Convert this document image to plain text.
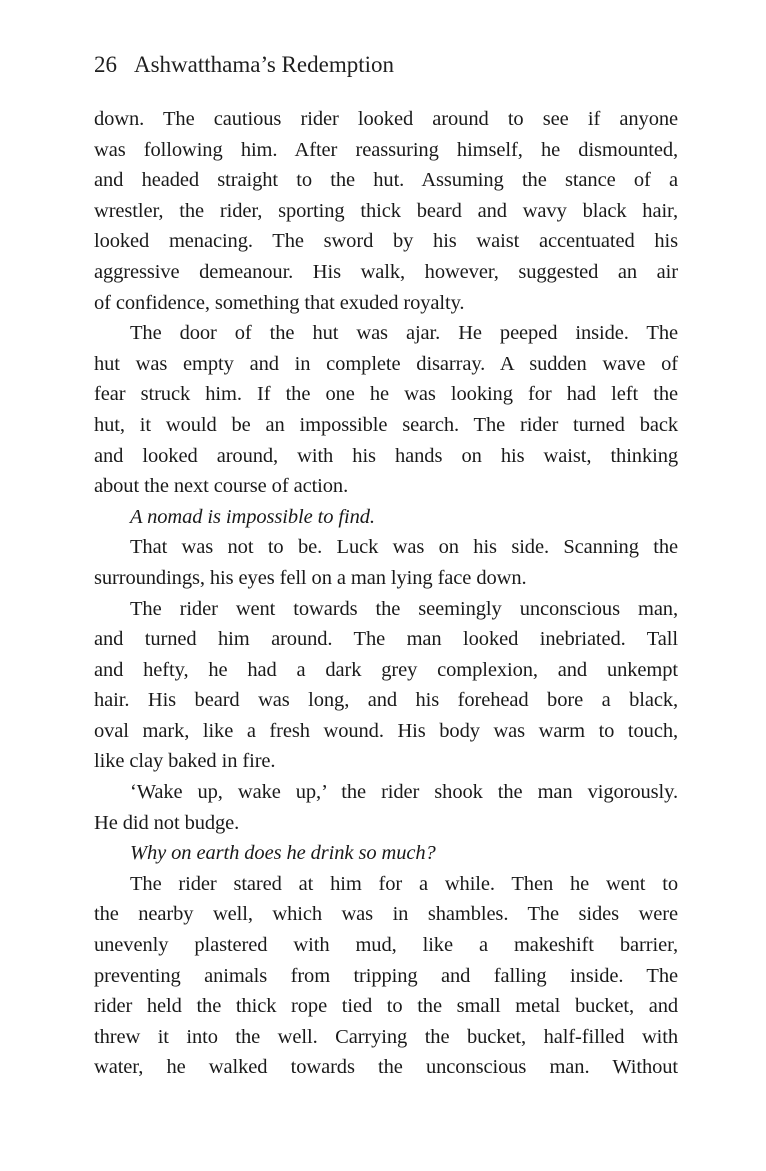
26 Ashwatthama’s Redemption
down. The cautious rider looked around to see if anyone
was following him. After reassuring himself, he dismounted,
and headed straight to the hut. Assuming the stance of a
wrestler, the rider, sporting thick beard and wavy black hair,
looked menacing. The sword by his waist accentuated his
aggressive demeanour. His walk, however, suggested an air
of confidence, something that exuded royalty.
The door of the hut was ajar. He peeped inside. The
hut was empty and in complete disarray. A sudden wave of
fear struck him. If the one he was looking for had left the
hut, it would be an impossible search. The rider turned back
and looked around, with his hands on his waist, thinking
about the next course of action.
A nomad is impossible to find.
That was not to be. Luck was on his side. Scanning the
surroundings, his eyes fell on a man lying face down.
The rider went towards the seemingly unconscious man,
and turned him around. The man looked inebriated. Tall
and hefty, he had a dark grey complexion, and unkempt
hair. His beard was long, and his forehead bore a black,
oval mark, like a fresh wound. His body was warm to touch,
like clay baked in fire.
‘Wake up, wake up,’ the rider shook the man vigorously.
He did not budge.
Why on earth does he drink so much?
The rider stared at him for a while. Then he went to
the nearby well, which was in shambles. The sides were
unevenly plastered with mud, like a makeshift barrier,
preventing animals from tripping and falling inside. The
rider held the thick rope tied to the small metal bucket, and
threw it into the well. Carrying the bucket, half-filled with
water, he walked towards the unconscious man. Without
